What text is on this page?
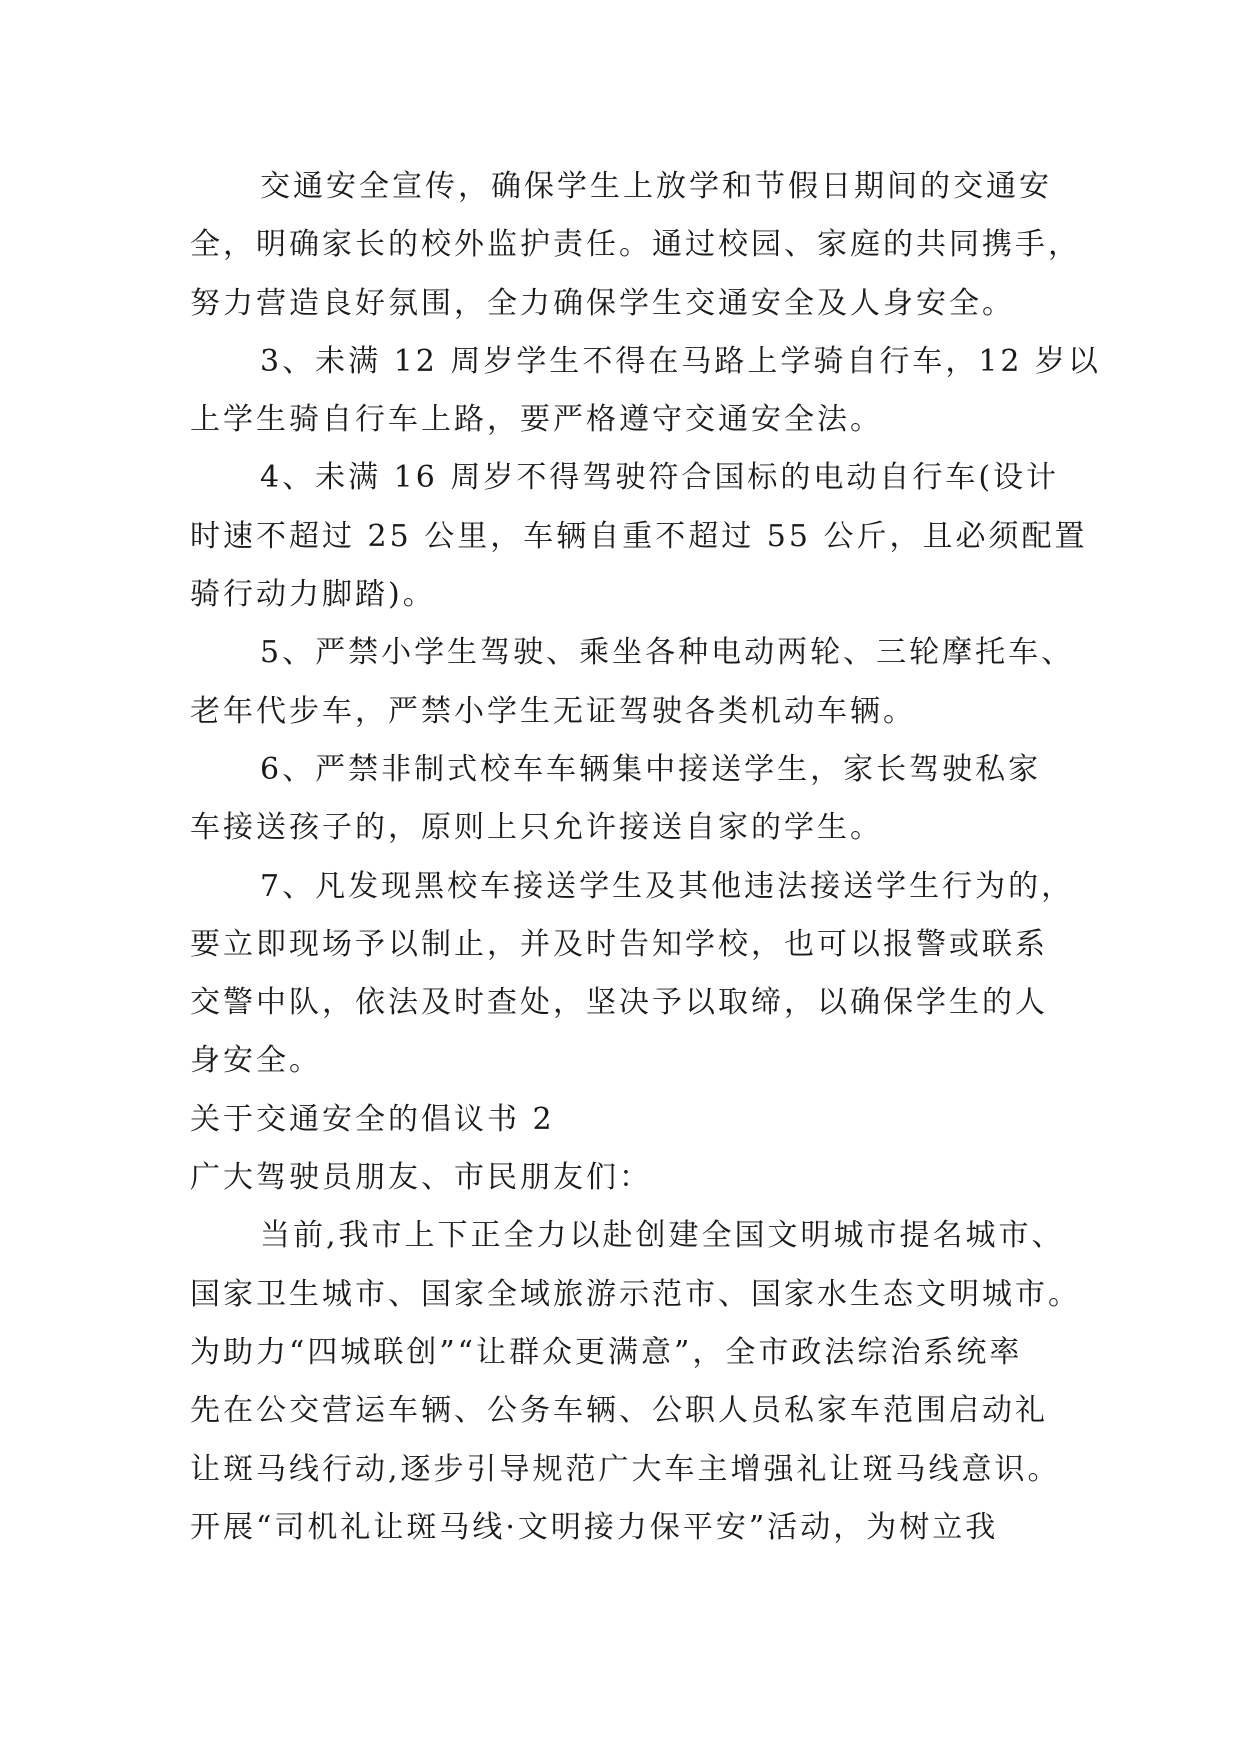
交通安全宣传，确保学生上放学和节假日期间的交通安
全，明确家长的校外监护责任。通过校园、家庭的共同携手，
努力营造良好氛围，全力确保学生交通安全及人身安全。
3、未满 12 周岁学生不得在马路上学骑自行车，12 岁以
上学生骑自行车上路，要严格遵守交通安全法。
4、未满 16 周岁不得驾驶符合国标的电动自行车(设计
时速不超过 25 公里，车辆自重不超过 55 公斤，且必须配置
骑行动力脚踏)。
5、严禁小学生驾驶、乘坐各种电动两轮、三轮摩托车、
老年代步车，严禁小学生无证驾驶各类机动车辆。
6、严禁非制式校车车辆集中接送学生，家长驾驶私家
车接送孩子的，原则上只允许接送自家的学生。
7、凡发现黑校车接送学生及其他违法接送学生行为的，
要立即现场予以制止，并及时告知学校，也可以报警或联系
交警中队，依法及时查处，坚决予以取缔，以确保学生的人
身安全。
关于交通安全的倡议书 2
广大驾驶员朋友、市民朋友们：
当前,我市上下正全力以赴创建全国文明城市提名城市、
国家卫生城市、国家全域旅游示范市、国家水生态文明城市。
为助力“四城联创”“让群众更满意”，全市政法综治系统率
先在公交营运车辆、公务车辆、公职人员私家车范围启动礼
让斑马线行动,逐步引导规范广大车主增强礼让斑马线意识。
开展“司机礼让斑马线·文明接力保平安”活动，为树立我
